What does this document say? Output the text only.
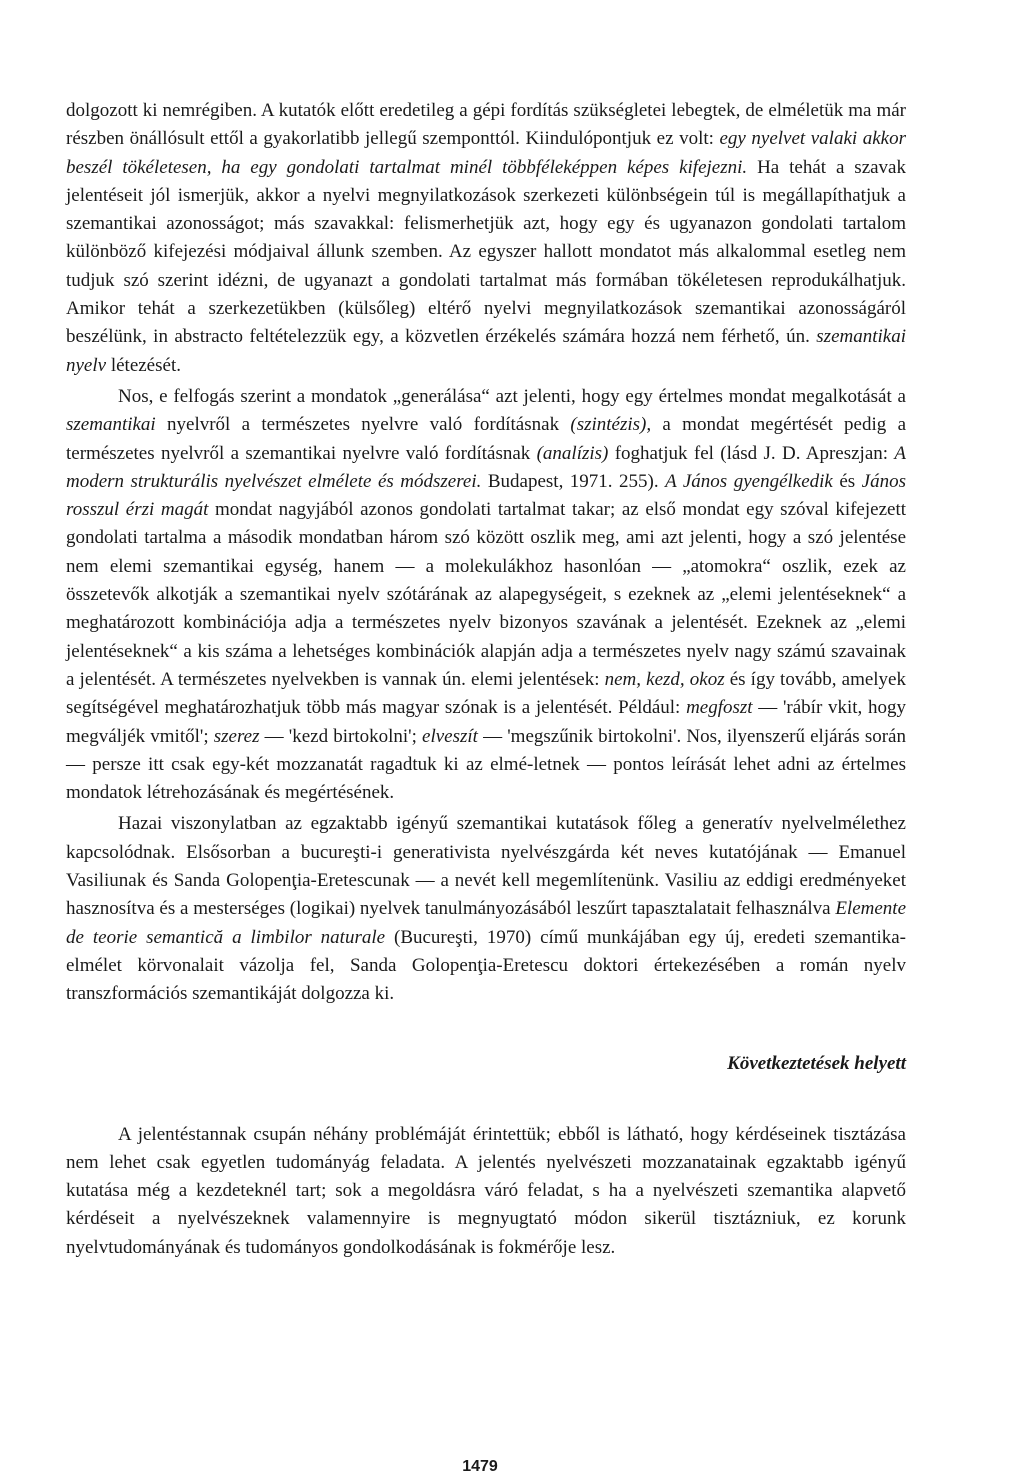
dolgozott ki nemrégiben. A kutatók előtt eredetileg a gépi fordítás szükségletei lebegtek, de elméletük ma már részben önállósult ettől a gyakorlatibb jellegű szemponttól. Kiindulópontjuk ez volt: egy nyelvet valaki akkor beszél tökéletesen, ha egy gondolati tartalmat minél többféleképpen képes kifejezni. Ha tehát a szavak jelentéseit jól ismerjük, akkor a nyelvi megnyilatkozások szerkezeti különbségein túl is megállapíthatjuk a szemantikai azonosságot; más szavakkal: felismerhetjük azt, hogy egy és ugyanazon gondolati tartalom különböző kifejezési módjaival állunk szemben. Az egyszer hallott mondatot más alkalommal esetleg nem tudjuk szó szerint idézni, de ugyanazt a gondolati tartalmat más formában tökéletesen reprodukálhatjuk. Amikor tehát a szerkezetükben (külsőleg) eltérő nyelvi megnyilatkozások szemantikai azonosságáról beszélünk, in abstracto feltételezzük egy, a közvetlen érzékelés számára hozzá nem férhető, ún. szemantikai nyelv létezését.

Nos, e felfogás szerint a mondatok „generálása“ azt jelenti, hogy egy értelmes mondat megalkotását a szemantikai nyelvről a természetes nyelvre való fordításnak (szintézis), a mondat megértését pedig a természetes nyelvről a szemantikai nyelvre való fordításnak (analízis) foghatjuk fel (lásd J. D. Apreszjan: A modern strukturális nyelvészet elmélete és módszerei. Budapest, 1971. 255). A János gyengélkedik és János rosszul érzi magát mondat nagyjából azonos gondolati tartalmat takar; az első mondat egy szóval kifejezett gondolati tartalma a második mondatban három szó között oszlik meg, ami azt jelenti, hogy a szó jelentése nem elemi szemantikai egység, hanem — a molekulákhoz hasonlóan — „atomokra“ oszlik, ezek az összetevők alkotják a szemantikai nyelv szótárának az alapegységeit, s ezeknek az „elemi jelentéseknek“ a meghatározott kombinációja adja a természetes nyelv bizonyos szavának a jelentését. Ezeknek az „elemi jelentéseknek“ a kis száma a lehetséges kombinációk alapján adja a természetes nyelv nagy számú szavainak a jelentését. A természetes nyelvekben is vannak ún. elemi jelentések: nem, kezd, okoz és így tovább, amelyek segítségével meghatározhatjuk több más magyar szónak is a jelentését. Például: megfoszt — 'rábír vkit, hogy megváljék vmitől'; szerez — 'kezd birtokolni'; elveszít — 'megszűnik birtokolni'. Nos, ilyenszerű eljárás során — persze itt csak egy-két mozzanatát ragadtuk ki az elmé-letnek — pontos leírását lehet adni az értelmes mondatok létrehozásának és megértésének.

Hazai viszonylatban az egzaktabb igényű szemantikai kutatások főleg a generatív nyelvelmélethez kapcsolódnak. Elsősorban a bucureşti-i generativista nyelvészgárda két neves kutatójának — Emanuel Vasiliunak és Sanda Golopenţia-Eretescunak — a nevét kell megemlítenünk. Vasiliu az eddigi eredményeket hasznosítva és a mesterséges (logikai) nyelvek tanulmányozásából leszűrt tapasztalatait felhasználva Elemente de teorie semantică a limbilor naturale (Bucureşti, 1970) című munkájában egy új, eredeti szemantika-elmélet körvonalait vázolja fel, Sanda Golopenţia-Eretescu doktori értekezésében a román nyelv transzformációs szemantikáját dolgozza ki.

Következtetések helyett

A jelentéstannak csupán néhány problémáját érintettük; ebből is látható, hogy kérdéseinek tisztázása nem lehet csak egyetlen tudományág feladata. A jelentés nyelvészeti mozzanatainak egzaktabb igényű kutatása még a kezdeteknél tart; sok a megoldásra váró feladat, s ha a nyelvészeti szemantika alapvető kérdéseit a nyelvészeknek valamennyire is megnyugtató módon sikerül tisztázniuk, ez korunk nyelvtudományának és tudományos gondolkodásának is fokmérője lesz.

1479
